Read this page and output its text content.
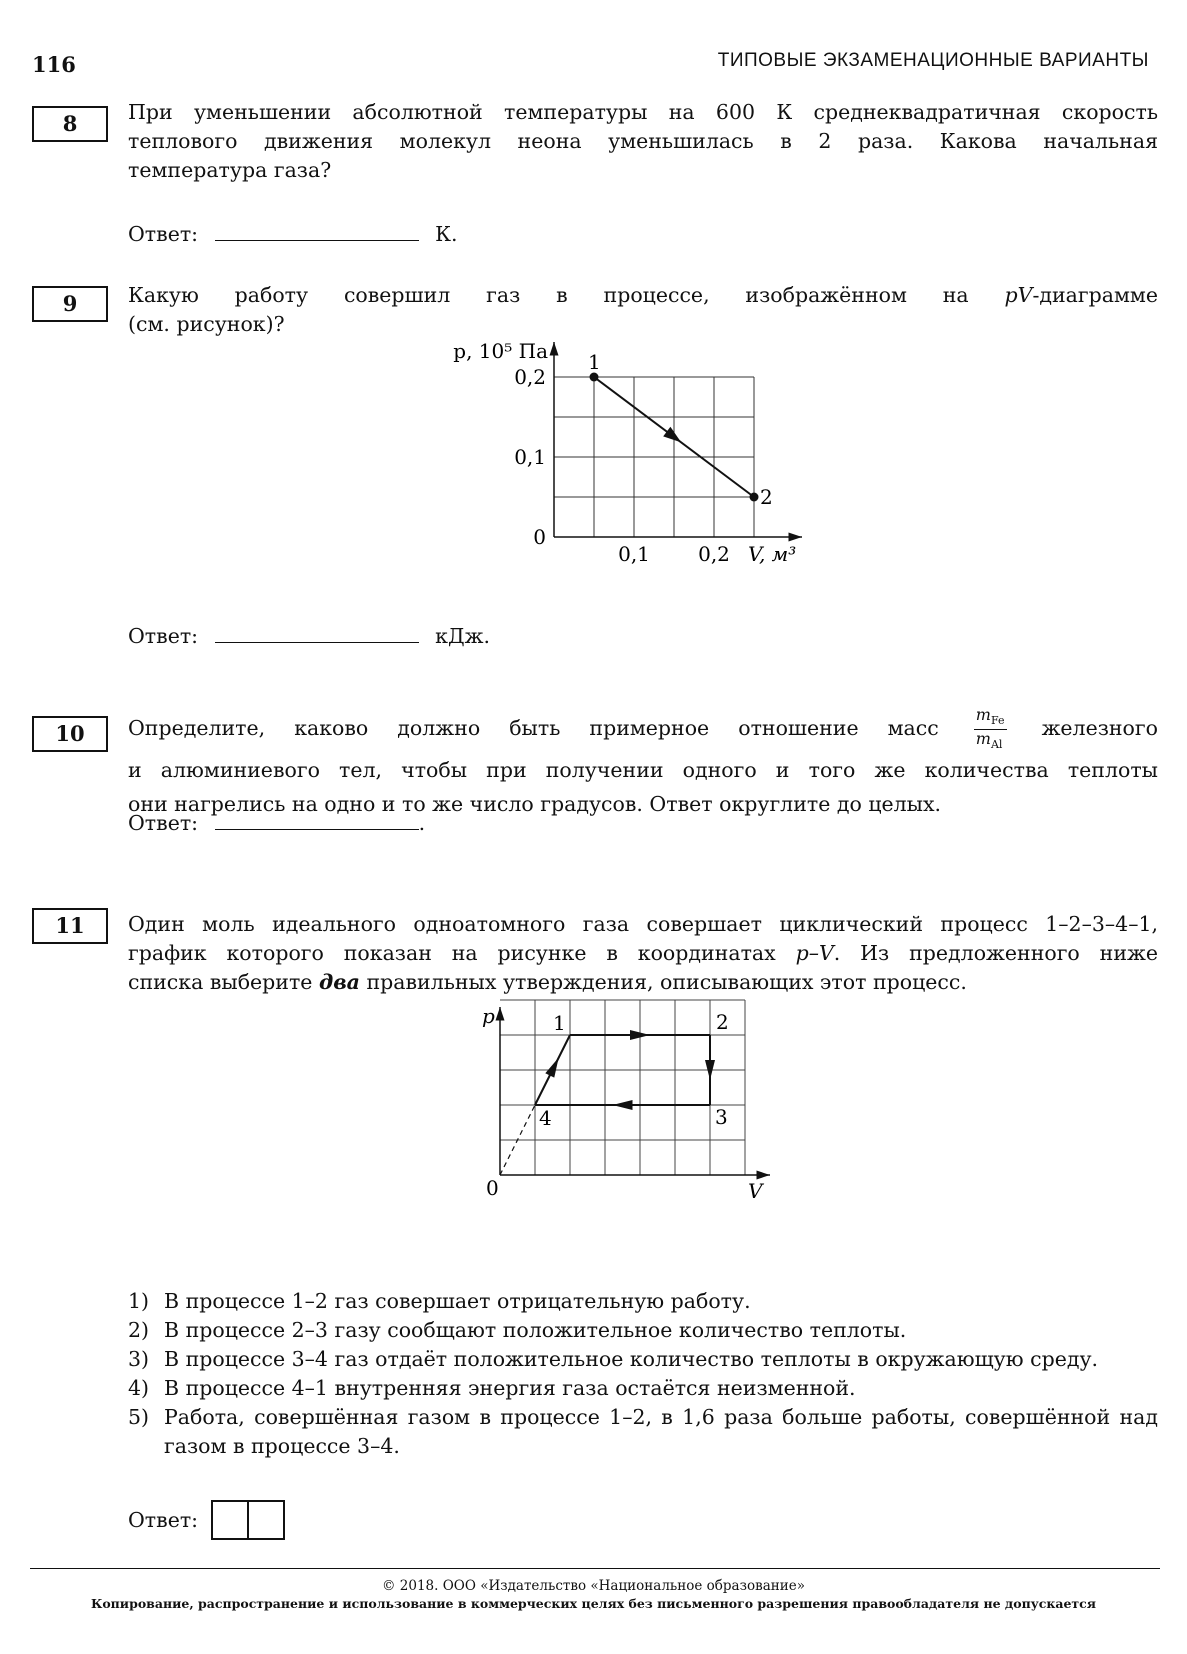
116	ТИПОВЫЕ ЭКЗАМЕНАЦИОННЫЕ ВАРИАНТЫ
8	При уменьшении абсолютной температуры на 600 К среднеквадратичная скорость
теплового движения молекул неона уменьшилась в 2 раза. Какова начальная
температура газа?
Ответ:	К.
9	Какую работу совершил газ в процессе, изображённом на pV-диаграмме
(см. рисунок)?
0
0,1
0,2
0,1 0,2
p, 10⁵ Па
V, м³
1
2
Ответ:	кДж.
10	Определите, каково должно быть примерное отношение масс $\frac{m_{Fe}}{m_{Al}}$ железного
и алюминиевого тел, чтобы при получении одного и того же количества теплоты
они нагрелись на одно и то же число градусов. Ответ округлите до целых.
Ответ:	.
11	Один моль идеального одноатомного газа совершает циклический процесс 1–2–3–4–1,
график которого показан на рисунке в координатах p–V. Из предложенного ниже
списка выберите два правильных утверждения, описывающих этот процесс.
p
V
0
1	2
3
4
1) В процессе 1–2 газ совершает отрицательную работу.
2) В процессе 2–3 газу сообщают положительное количество теплоты.
3) В процессе 3–4 газ отдаёт положительное количество теплоты в окружающую среду.
4) В процессе 4–1 внутренняя энергия газа остаётся неизменной.
5) Работа, совершённая газом в процессе 1–2, в 1,6 раза больше работы, совершённой над газом в процессе 3–4.
Ответ:
© 2018. ООО «Издательство «Национальное образование»
Копирование, распространение и использование в коммерческих целях без письменного разрешения правообладателя не допускается
